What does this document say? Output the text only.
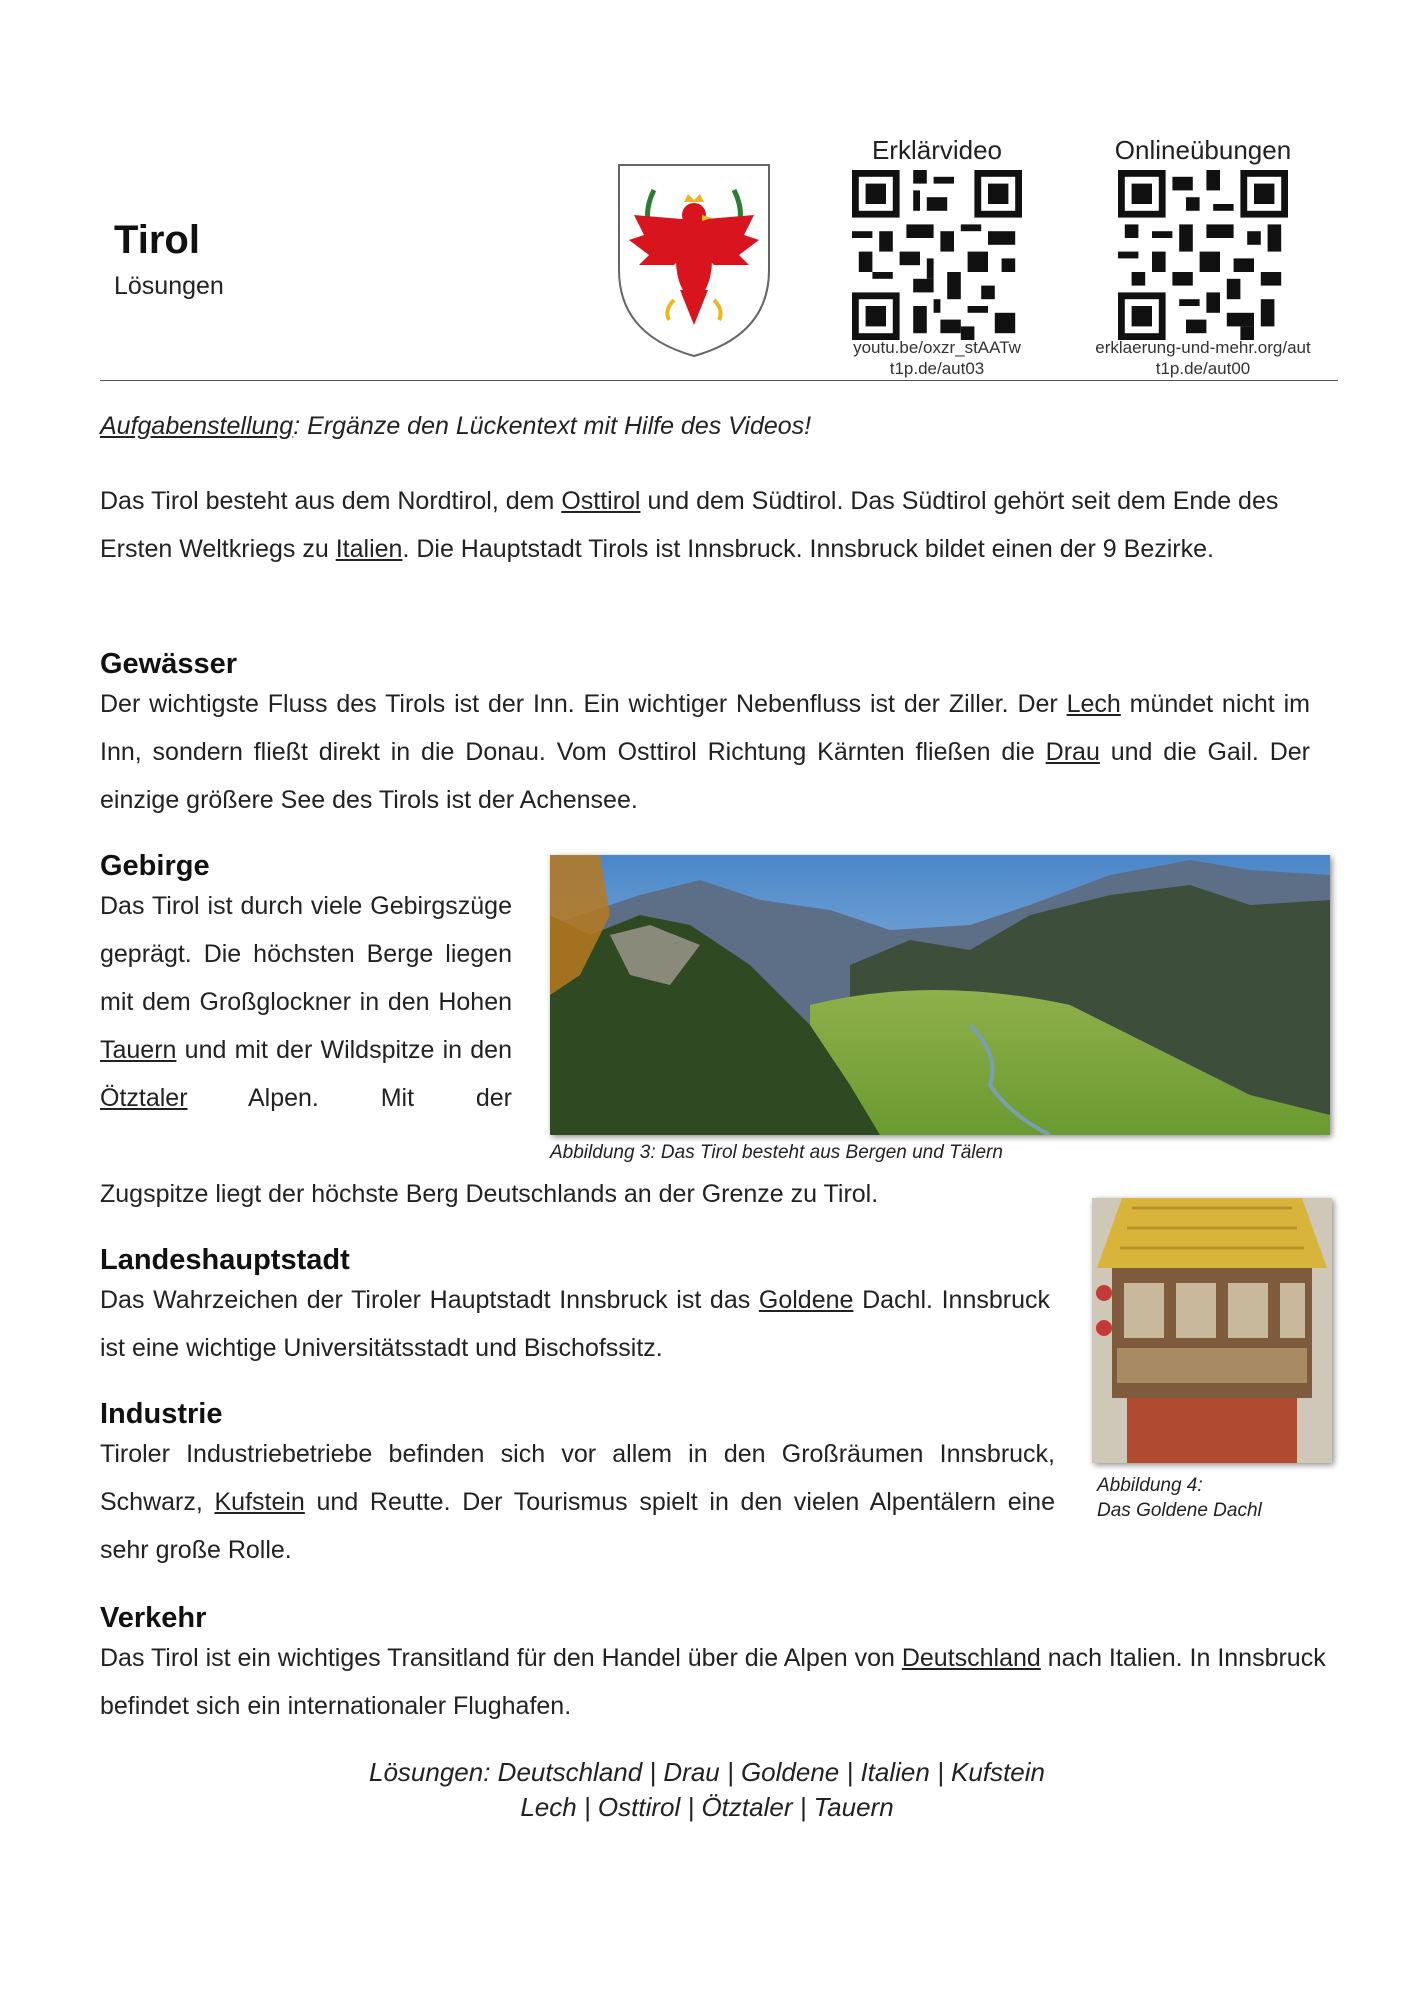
Tirol
Lösungen
Erklärvideo
youtu.be/oxzr_stAATw
t1p.de/aut03
Onlineübungen
erklaerung-und-mehr.org/aut
t1p.de/aut00
Aufgabenstellung: Ergänze den Lückentext mit Hilfe des Videos!
Das Tirol besteht aus dem Nordtirol, dem Osttirol und dem Südtirol. Das Südtirol gehört seit dem Ende des Ersten Weltkriegs zu Italien. Die Hauptstadt Tirols ist Innsbruck. Innsbruck bildet einen der 9 Bezirke.
Gewässer
Der wichtigste Fluss des Tirols ist der Inn. Ein wichtiger Nebenfluss ist der Ziller. Der Lech mündet nicht im Inn, sondern fließt direkt in die Donau. Vom Osttirol Richtung Kärnten fließen die Drau und die Gail. Der einzige größere See des Tirols ist der Achensee.
Gebirge
Das Tirol ist durch viele Gebirgszüge geprägt. Die höchsten Berge liegen mit dem Großglockner in den Hohen Tauern und mit der Wildspitze in den Ötztaler Alpen. Mit der
Zugspitze liegt der höchste Berg Deutschlands an der Grenze zu Tirol.
Abbildung 3: Das Tirol besteht aus Bergen und Tälern
Landeshauptstadt
Das Wahrzeichen der Tiroler Hauptstadt Innsbruck ist das Goldene Dachl. Innsbruck ist eine wichtige Universitätsstadt und Bischofssitz.
Abbildung 4:
Das Goldene Dachl
Industrie
Tiroler Industriebetriebe befinden sich vor allem in den Großräumen Innsbruck, Schwarz, Kufstein und Reutte. Der Tourismus spielt in den vielen Alpentälern eine sehr große Rolle.
Verkehr
Das Tirol ist ein wichtiges Transitland für den Handel über die Alpen von Deutschland nach Italien. In Innsbruck befindet sich ein internationaler Flughafen.
Lösungen: Deutschland | Drau | Goldene | Italien | Kufstein
Lech | Osttirol | Ötztaler | Tauern
